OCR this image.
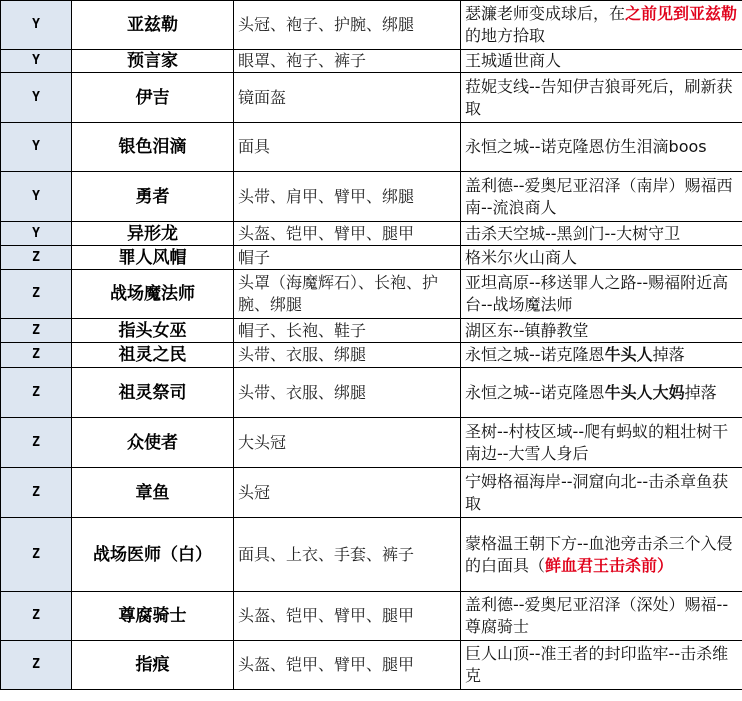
Y	亚兹勒	头冠、袍子、护腕、绑腿	瑟濂老师变成球后，在之前见到亚兹勒的地方拾取
Y	预言家	眼罩、袍子、裤子	王城遁世商人
Y	伊吉	镜面盔	菈妮支线--告知伊吉狼哥死后，刷新获取
Y	银色泪滴	面具	永恒之城--诺克隆恩仿生泪滴boos
Y	勇者	头带、肩甲、臂甲、绑腿	盖利德--爱奥尼亚沼泽（南岸）赐福西南--流浪商人
Y	异形龙	头盔、铠甲、臂甲、腿甲	击杀天空城--黑剑门--大树守卫
Z	罪人风帽	帽子	格米尔火山商人
Z	战场魔法师	头罩（海魔辉石）、长袍、护腕、绑腿	亚坦高原--移送罪人之路--赐福附近高台--战场魔法师
Z	指头女巫	帽子、长袍、鞋子	湖区东--镇静教堂
Z	祖灵之民	头带、衣服、绑腿	永恒之城--诺克隆恩牛头人掉落
Z	祖灵祭司	头带、衣服、绑腿	永恒之城--诺克隆恩牛头人大妈掉落
Z	众使者	大头冠	圣树--村枝区域--爬有蚂蚁的粗壮树干南边--大雪人身后
Z	章鱼	头冠	宁姆格福海岸--洞窟向北--击杀章鱼获取
Z	战场医师（白）	面具、上衣、手套、裤子	蒙格温王朝下方--血池旁击杀三个入侵的白面具（鲜血君王击杀前）
Z	尊腐骑士	头盔、铠甲、臂甲、腿甲	盖利德--爱奥尼亚沼泽（深处）赐福--尊腐骑士
Z	指痕	头盔、铠甲、臂甲、腿甲	巨人山顶--准王者的封印监牢--击杀维克
